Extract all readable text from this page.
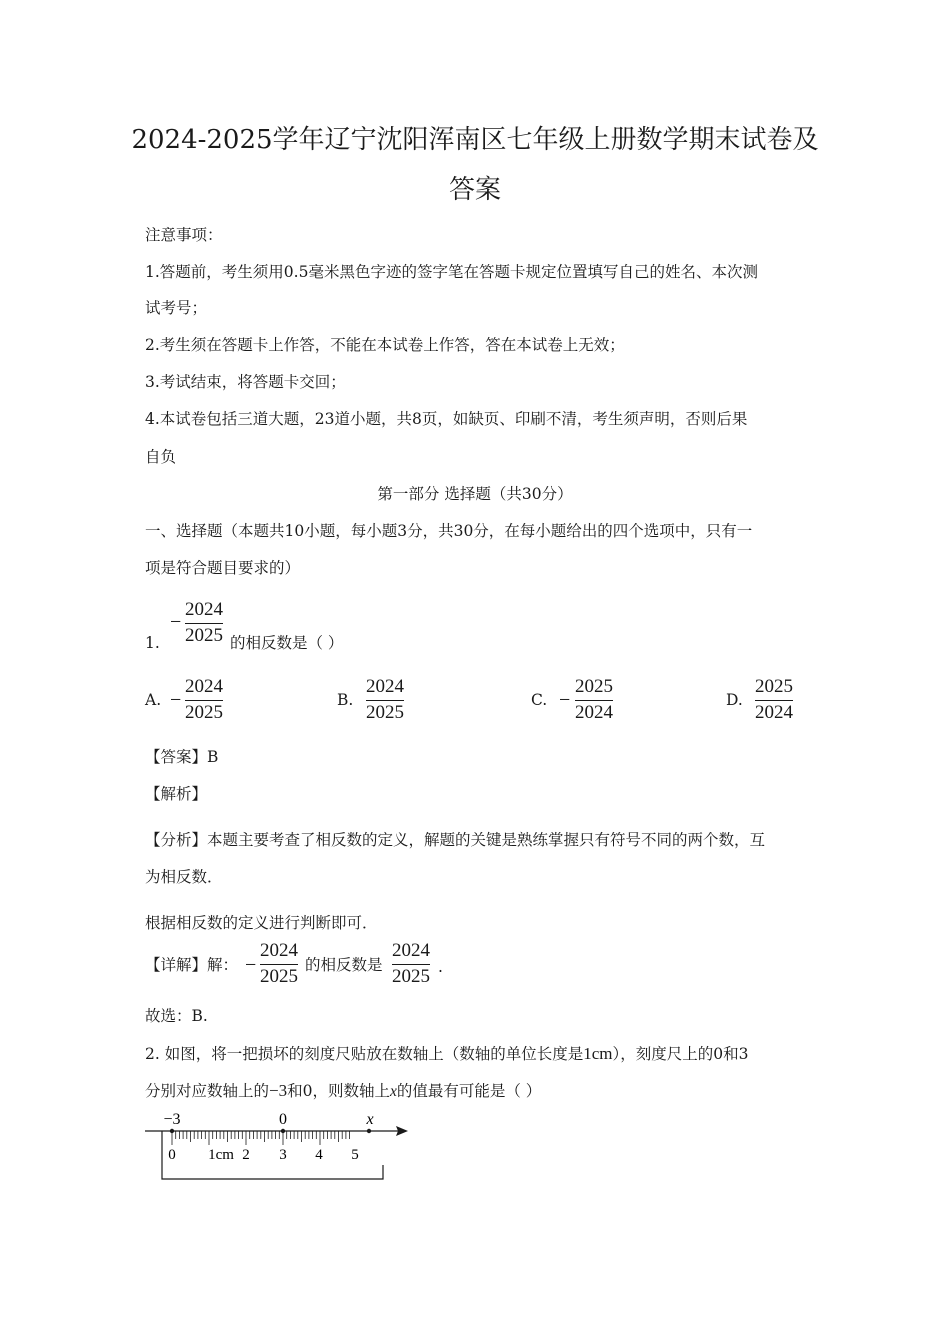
2024-2025学年辽宁沈阳浑南区七年级上册数学期末试卷及
答案
注意事项：
1.答题前，考生须用0.5毫米黑色字迹的签字笔在答题卡规定位置填写自己的姓名、本次测
试考号；
2.考生须在答题卡上作答，不能在本试卷上作答，答在本试卷上无效；
3.考试结束，将答题卡交回；
4.本试卷包括三道大题，23道小题，共8页，如缺页、印刷不清，考生须声明，否则后果
自负
第一部分 选择题（共30分）
一、选择题（本题共10小题，每小题3分，共30分，在每小题给出的四个选项中，只有一
项是符合题目要求的）
1.
−
2024
2025 的相反数是（ ）
A. −
2024
2025
B.
2024
2025
C. −
2025
2024
D.
2025
2024
【答案】B
【解析】
【分析】本题主要考查了相反数的定义，解题的关键是熟练掌握只有符号不同的两个数，互
为相反数．
根据相反数的定义进行判断即可．
【详解】解： −
2024
2025
的相反数是
2024
2025 .
故选：B.
2. 如图，将一把损坏的刻度尺贴放在数轴上（数轴的单位长度是1cm），刻度尺上的0和3
分别对应数轴上的−3和0，则数轴上x的值最有可能是（ ）
−3	0	x
0 1cm 2 3 4 5
